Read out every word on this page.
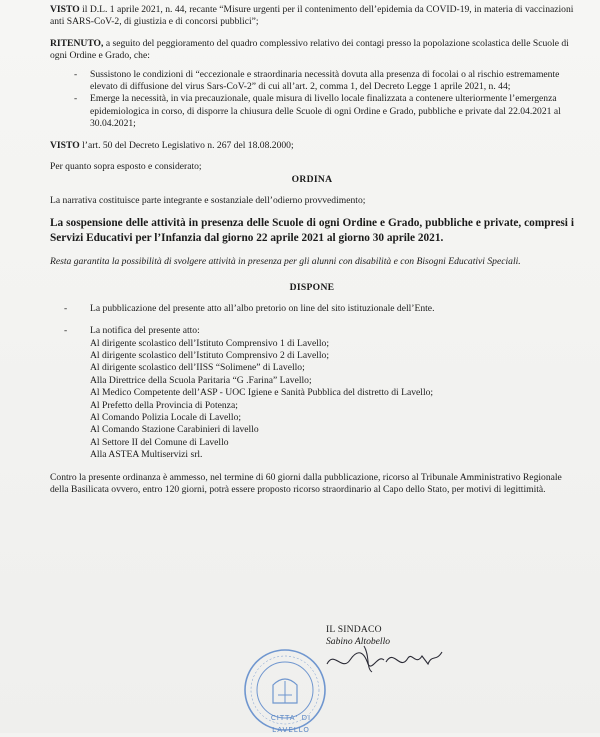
VISTO il D.L. 1 aprile 2021, n. 44, recante “Misure urgenti per il contenimento dell’epidemia da COVID-19, in materia di vaccinazioni anti SARS-CoV-2, di giustizia e di concorsi pubblici”;

RITENUTO, a seguito del peggioramento del quadro complessivo relativo dei contagi presso la popolazione scolastica delle Scuole di ogni Ordine e Grado, che:

- Sussistono le condizioni di “eccezionale e straordinaria necessità dovuta alla presenza di focolai o al rischio estremamente elevato di diffusione del virus Sars-CoV-2” di cui all’art. 2, comma 1, del Decreto Legge 1 aprile 2021, n. 44;
- Emerge la necessità, in via precauzionale, quale misura di livello locale finalizzata a contenere ulteriormente l’emergenza epidemiologica in corso, di disporre la chiusura delle Scuole di ogni Ordine e Grado, pubbliche e private dal 22.04.2021 al 30.04.2021;

VISTO l’art. 50 del Decreto Legislativo n. 267 del 18.08.2000;

Per quanto sopra esposto e considerato;

ORDINA

La narrativa costituisce parte integrante e sostanziale dell’odierno provvedimento;

La sospensione delle attività in presenza delle Scuole di ogni Ordine e Grado, pubbliche e private, compresi i Servizi Educativi per l’Infanzia dal giorno 22 aprile 2021 al giorno 30 aprile 2021.

Resta garantita la possibilità di svolgere attività in presenza per gli alunni con disabilità e con Bisogni Educativi Speciali.

DISPONE

- La pubblicazione del presente atto all’albo pretorio on line del sito istituzionale dell’Ente.
- La notifica del presente atto:
Al dirigente scolastico dell’Istituto Comprensivo 1 di Lavello;
Al dirigente scolastico dell’Istituto Comprensivo 2 di Lavello;
Al dirigente scolastico dell’IISS “Solimene” di Lavello;
Alla Direttrice della Scuola Paritaria “G .Farina” Lavello;
Al Medico Competente dell’ASP - UOC Igiene e Sanità Pubblica del distretto di Lavello;
Al Prefetto della Provincia di Potenza;
Al Comando Polizia Locale di Lavello;
Al Comando Stazione Carabinieri di lavello
Al Settore II del Comune di Lavello
Alla ASTEA Multiservizi srl.

Contro la presente ordinanza è ammesso, nel termine di 60 giorni dalla pubblicazione, ricorso al Tribunale Amministrativo Regionale della Basilicata ovvero, entro 120 giorni, potrà essere proposto ricorso straordinario al Capo dello Stato, per motivi di legittimità.

IL SINDACO
Sabino Altobello
CITTA' DI LAVELLO
